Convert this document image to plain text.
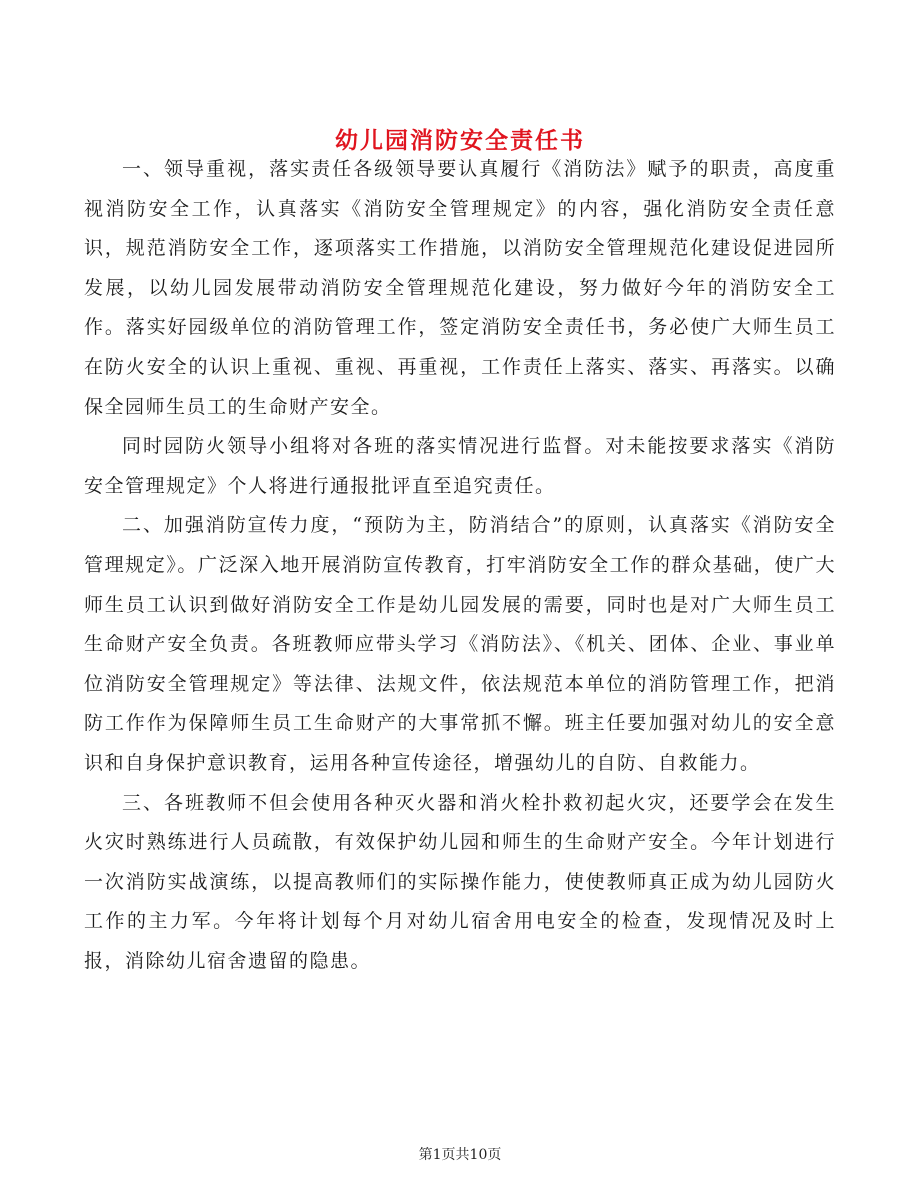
幼儿园消防安全责任书

一、领导重视，落实责任各级领导要认真履行《消防法》赋予的职责，高度重视消防安全工作，认真落实《消防安全管理规定》的内容，强化消防安全责任意识，规范消防安全工作，逐项落实工作措施，以消防安全管理规范化建设促进园所发展，以幼儿园发展带动消防安全管理规范化建设，努力做好今年的消防安全工作。落实好园级单位的消防管理工作，签定消防安全责任书，务必使广大师生员工在防火安全的认识上重视、重视、再重视，工作责任上落实、落实、再落实。以确保全园师生员工的生命财产安全。

同时园防火领导小组将对各班的落实情况进行监督。对未能按要求落实《消防安全管理规定》个人将进行通报批评直至追究责任。

二、加强消防宣传力度，“预防为主，防消结合”的原则，认真落实《消防安全管理规定》。广泛深入地开展消防宣传教育，打牢消防安全工作的群众基础，使广大师生员工认识到做好消防安全工作是幼儿园发展的需要，同时也是对广大师生员工生命财产安全负责。各班教师应带头学习《消防法》、《机关、团体、企业、事业单位消防安全管理规定》等法律、法规文件，依法规范本单位的消防管理工作，把消防工作作为保障师生员工生命财产的大事常抓不懈。班主任要加强对幼儿的安全意识和自身保护意识教育，运用各种宣传途径，增强幼儿的自防、自救能力。

三、各班教师不但会使用各种灭火器和消火栓扑救初起火灾，还要学会在发生火灾时熟练进行人员疏散，有效保护幼儿园和师生的生命财产安全。今年计划进行一次消防实战演练，以提高教师们的实际操作能力，使使教师真正成为幼儿园防火工作的主力军。今年将计划每个月对幼儿宿舍用电安全的检查，发现情况及时上报，消除幼儿宿舍遗留的隐患。

第1页共10页
